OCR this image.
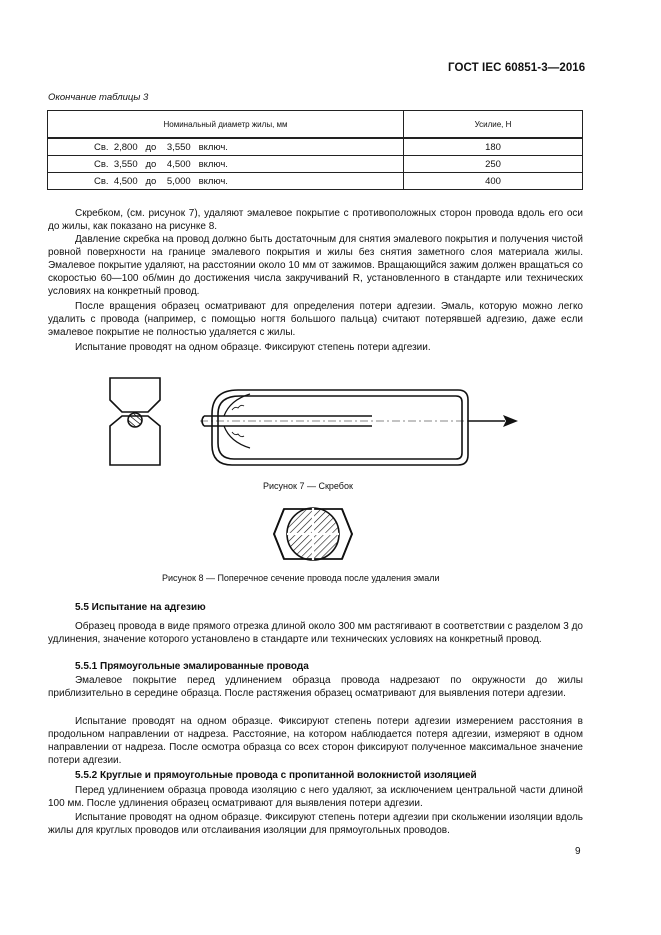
ГОСТ IEC 60851-3—2016
Окончание таблицы 3
Номинальный диаметр жилы, мм	Усилие, Н
Св.  2,800   до    3,550   включ.	180
Св.  3,550   до    4,500   включ.	250
Св.  4,500   до    5,000   включ.	400
Скребком, (см. рисунок 7), удаляют эмалевое покрытие с противоположных сторон провода вдоль его оси до жилы, как показано на рисунке 8.
Давление скребка на провод должно быть достаточным для снятия эмалевого покрытия и получения чистой ровной поверхности на границе эмалевого покрытия и жилы без снятия заметного слоя материала жилы. Эмалевое покрытие удаляют, на расстоянии около 10 мм от зажимов. Вращающийся зажим должен вращаться со скоростью 60—100 об/мин до достижения числа закручиваний R, установленного в стандарте или технических условиях на конкретный провод.
После вращения образец осматривают для определения потери адгезии. Эмаль, которую можно легко удалить с провода (например, с помощью ногтя большого пальца) считают потерявшей адгезию, даже если эмалевое покрытие не полностью удаляется с жилы.
Испытание проводят на одном образце. Фиксируют степень потери адгезии.
Рисунок 7 — Скребок
Рисунок 8 — Поперечное сечение провода после удаления эмали
5.5 Испытание на адгезию
Образец провода в виде прямого отрезка длиной около 300 мм растягивают в соответствии с разделом 3 до удлинения, значение которого установлено в стандарте или технических условиях на конкретный провод.
5.5.1 Прямоугольные эмалированные провода
Эмалевое покрытие перед удлинением образца провода надрезают по окружности до жилы приблизительно в середине образца. После растяжения образец осматривают для выявления потери адгезии.
Испытание проводят на одном образце. Фиксируют степень потери адгезии измерением расстояния в продольном направлении от надреза. Расстояние, на котором наблюдается потеря адгезии, измеряют в одном направлении от надреза. После осмотра образца со всех сторон фиксируют полученное максимальное значение потери адгезии.
5.5.2 Круглые и прямоугольные провода с пропитанной волокнистой изоляцией
Перед удлинением образца провода изоляцию с него удаляют, за исключением центральной части длиной 100 мм. После удлинения образец осматривают для выявления потери адгезии.
Испытание проводят на одном образце. Фиксируют степень потери адгезии при скольжении изоляции вдоль жилы для круглых проводов или отслаивания изоляции для прямоугольных проводов.
9
